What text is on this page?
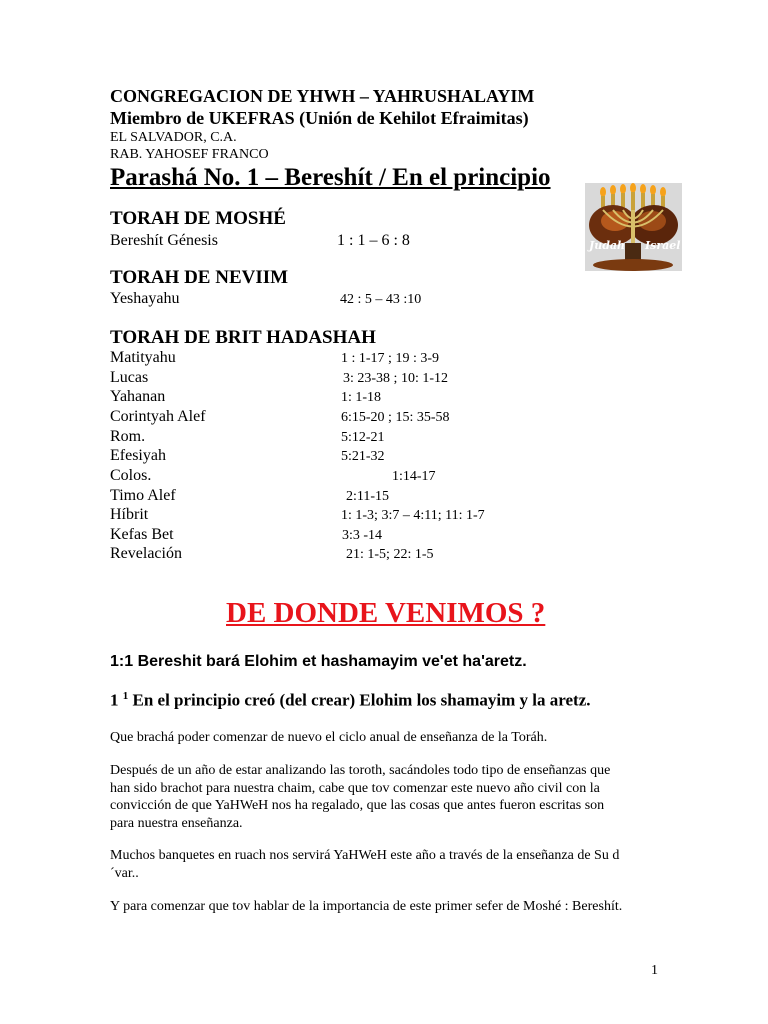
CONGREGACION DE YHWH – YAHRUSHALAYIM
Miembro de UKEFRAS (Unión de Kehilot Efraimitas)
EL SALVADOR, C.A.
RAB. YAHOSEF FRANCO
Parashá No. 1 – Bereshít / En el principio
Judah Israel
TORAH DE MOSHÉ
Bereshít Génesis	1 : 1 – 6 : 8
TORAH DE NEVIIM
Yeshayahu	42 : 5 – 43 :10
TORAH DE BRIT HADASHAH
Matityahu	1 : 1-17 ; 19 : 3-9
Lucas	3: 23-38 ; 10: 1-12
Yahanan	1: 1-18
Corintyah Alef	6:15-20 ; 15: 35-58
Rom.	5:12-21
Efesiyah	5:21-32
Colos.	1:14-17
Timo Alef	2:11-15
Híbrit	1: 1-3; 3:7 – 4:11; 11: 1-7
Kefas Bet	3:3 -14
Revelación	21: 1-5; 22: 1-5
DE DONDE VENIMOS ?
1:1 Bereshit bará Elohim et hashamayim ve'et ha'aretz.
1 $^1$ En el principio creó (del crear) Elohim los shamayim y la aretz.
Que brachá poder comenzar de nuevo el ciclo anual de enseñanza de la Toráh.
Después de un año de estar analizando las toroth, sacándoles todo tipo de enseñanzas que han sido brachot para nuestra chaim, cabe que tov comenzar este nuevo año civil con la convicción de que YaHWeH nos ha regalado, que las cosas que antes fueron escritas son para nuestra enseñanza.
Muchos banquetes en ruach nos servirá YaHWeH este año a través de la enseñanza de Su d´var..
Y para comenzar que tov hablar de la importancia de este primer sefer de Moshé : Bereshít.
1
